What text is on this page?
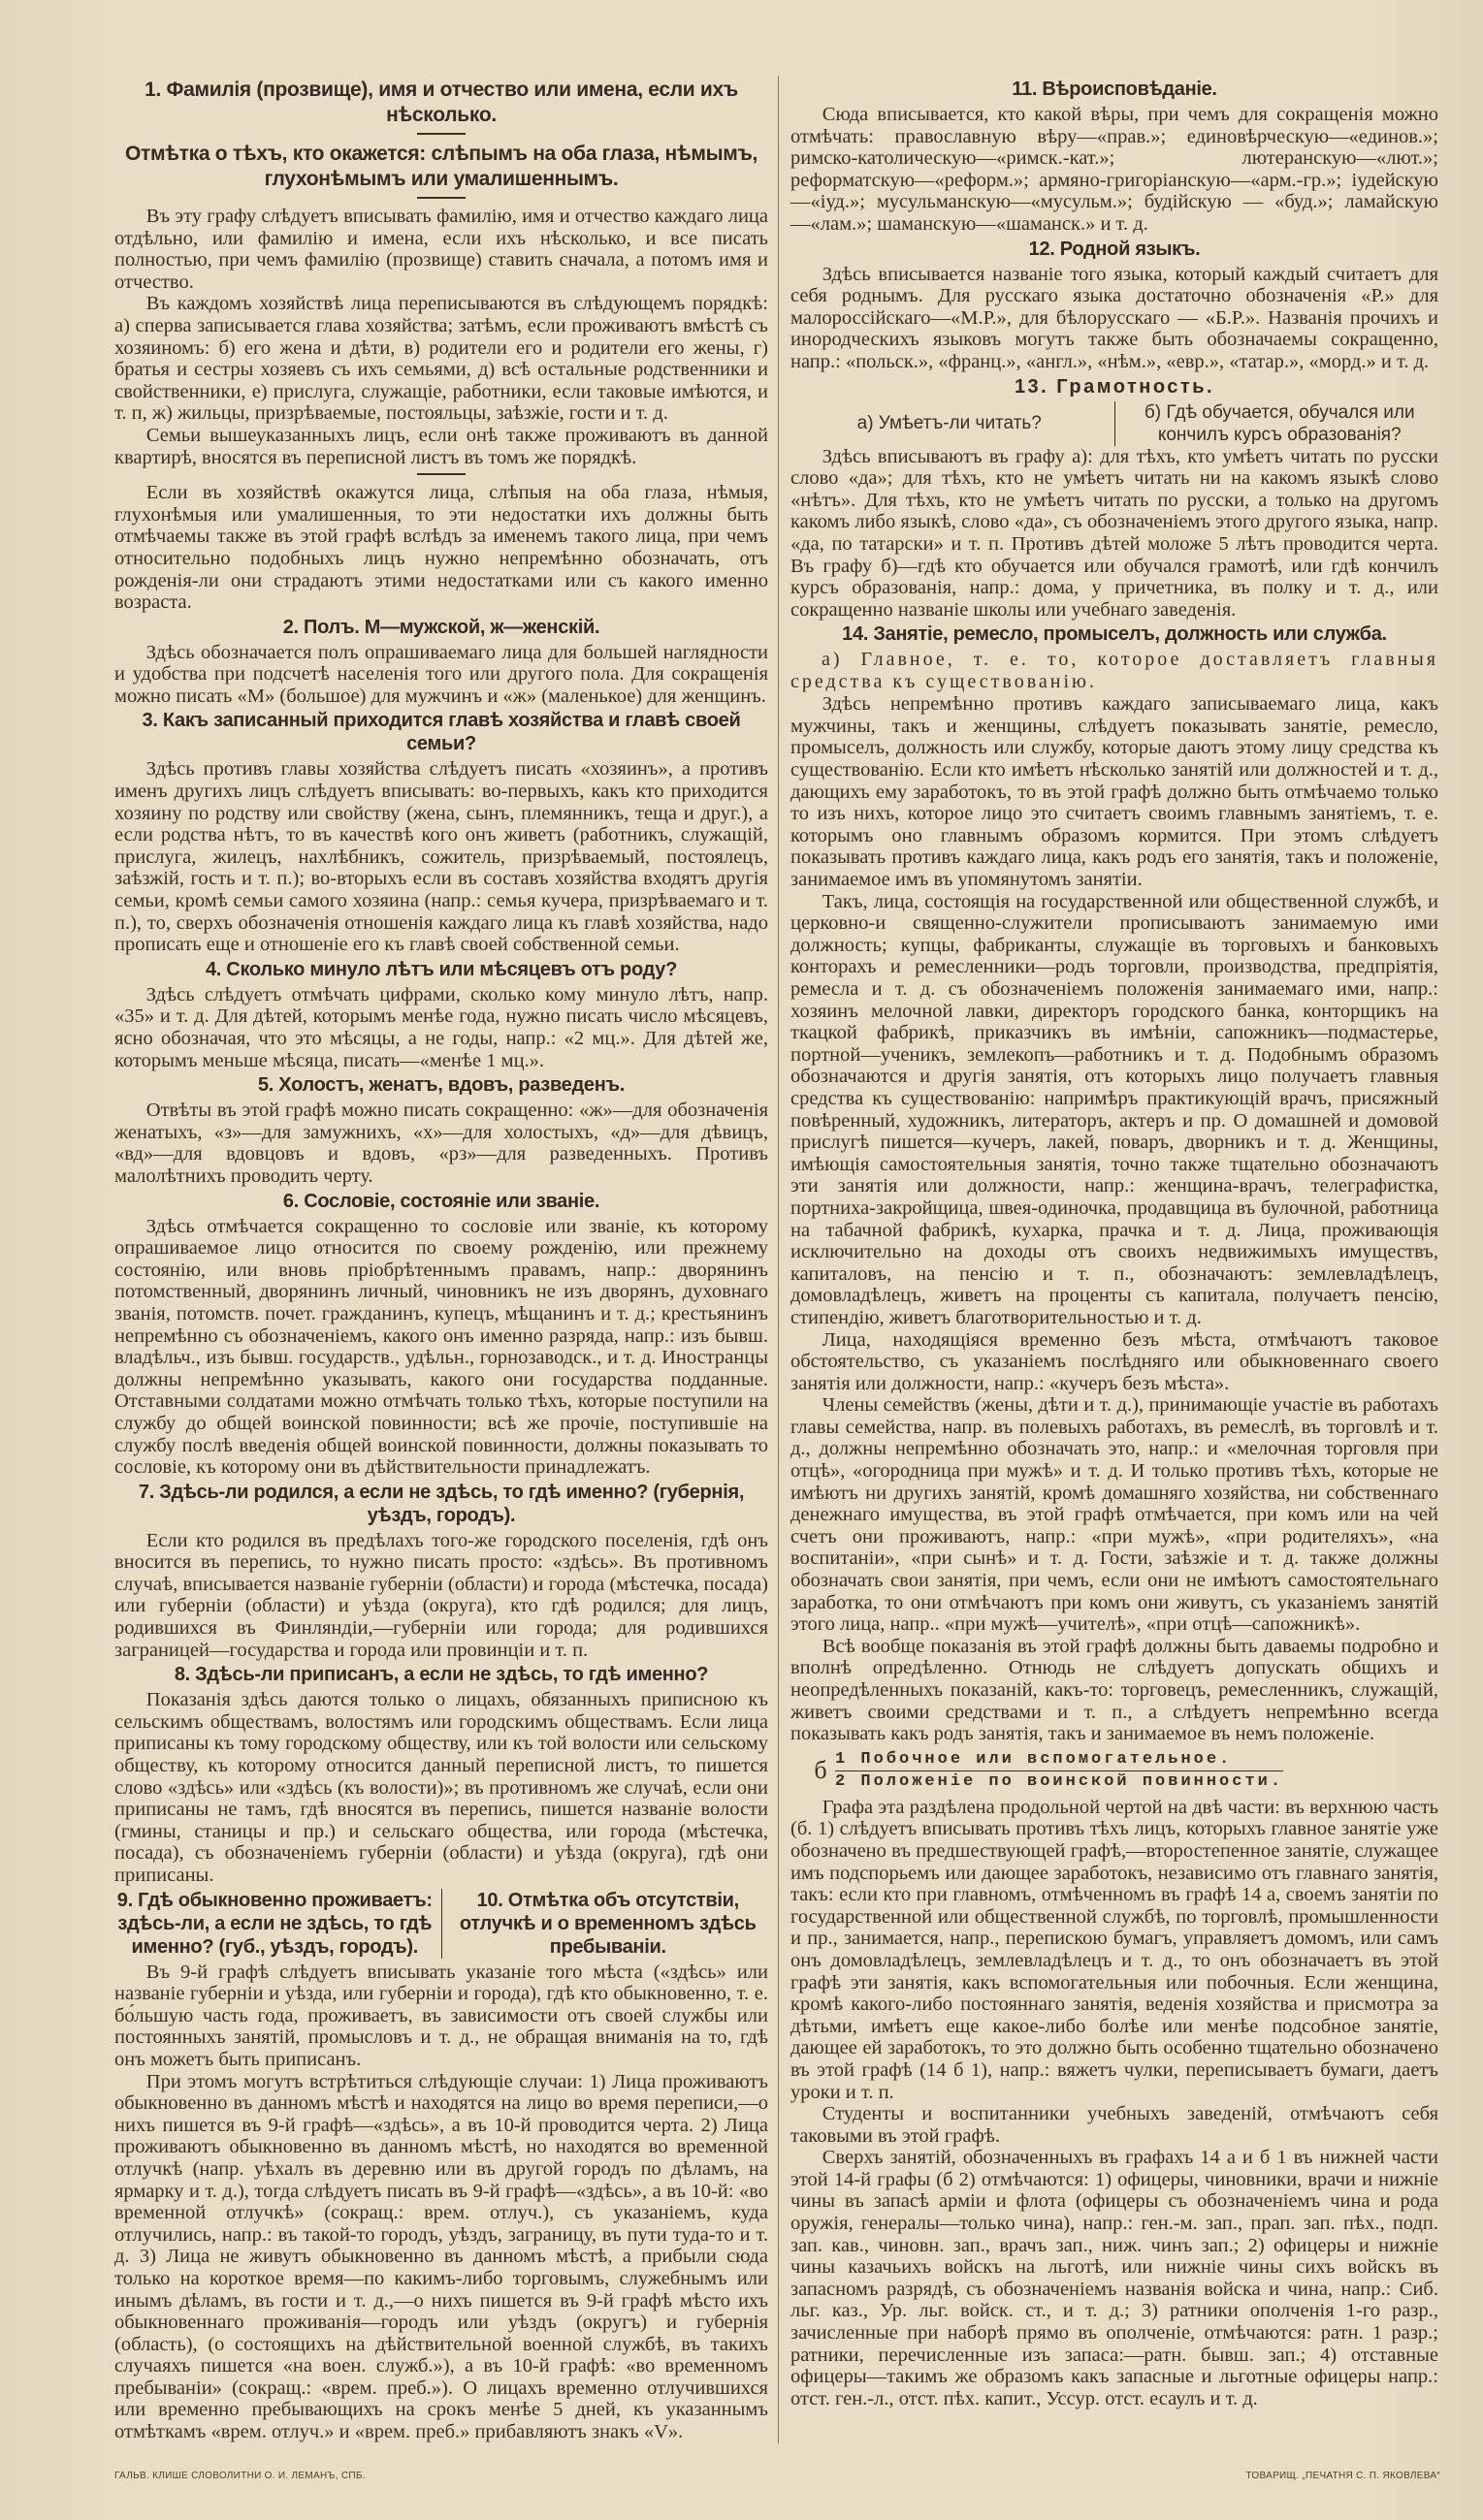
1. Фамилія (прозвище), имя и отчество или имена, если ихъ нѣсколько.
Отмѣтка о тѣхъ, кто окажется: слѣпымъ на оба глаза, нѣмымъ, глухонѣмымъ или умалишеннымъ.

Въ эту графу слѣдуетъ вписывать фамилію, имя и отчество каждаго лица отдѣльно, или фамилію и имена, если ихъ нѣсколько, и все писать полностью, при чемъ фамилію (прозвище) ставить сначала, а потомъ имя и отчество.

Въ каждомъ хозяйствѣ лица переписываются въ слѣдующемъ порядкѣ: а) сперва записывается глава хозяйства; затѣмъ, если проживаютъ вмѣстѣ съ хозяиномъ: б) его жена и дѣти, в) родители его и родители его жены, г) братья и сестры хозяевъ съ ихъ семьями, д) всѣ остальные родственники и свойственники, е) прислуга, служащіе, работники, если таковые имѣются, и т. п, ж) жильцы, призрѣваемые, постояльцы, заѣзжіе, гости и т. д.

Семьи вышеуказанныхъ лицъ, если онѣ также проживаютъ въ данной квартирѣ, вносятся въ переписной листъ въ томъ же порядкѣ.

Если въ хозяйствѣ окажутся лица, слѣпыя на оба глаза, нѣмыя, глухонѣмыя или умалишенныя, то эти недостатки ихъ должны быть отмѣчаемы также въ этой графѣ вслѣдъ за именемъ такого лица, при чемъ относительно подобныхъ лицъ нужно непремѣнно обозначать, отъ рожденія-ли они страдаютъ этими недостатками или съ какого именно возраста.

2. Полъ. М—мужской, ж—женскій.

Здѣсь обозначается полъ опрашиваемаго лица для большей наглядности и удобства при подсчетѣ населенія того или другого пола. Для сокращенія можно писать «М» (большое) для мужчинъ и «ж» (маленькое) для женщинъ.

3. Какъ записанный приходится главѣ хозяйства и главѣ своей семьи?

Здѣсь противъ главы хозяйства слѣдуетъ писать «хозяинъ», а противъ именъ другихъ лицъ слѣдуетъ вписывать: во-первыхъ, какъ кто приходится хозяину по родству или свойству (жена, сынъ, племянникъ, теща и друг.), а если родства нѣтъ, то въ качествѣ кого онъ живетъ (работникъ, служащій, прислуга, жилецъ, нахлѣбникъ, сожитель, призрѣваемый, постоялецъ, заѣзжій, гость и т. п.); во-вторыхъ если въ составъ хозяйства входятъ другія семьи, кромѣ семьи самого хозяина (напр.: семья кучера, призрѣваемаго и т. п.), то, сверхъ обозначенія отношенія каждаго лица къ главѣ хозяйства, надо прописать еще и отношеніе его къ главѣ своей собственной семьи.

4. Сколько минуло лѣтъ или мѣсяцевъ отъ роду?

Здѣсь слѣдуетъ отмѣчать цифрами, сколько кому минуло лѣтъ, напр. «35» и т. д. Для дѣтей, которымъ менѣе года, нужно писать число мѣсяцевъ, ясно обозначая, что это мѣсяцы, а не годы, напр.: «2 мц.». Для дѣтей же, которымъ меньше мѣсяца, писать—«менѣе 1 мц.».

5. Холостъ, женатъ, вдовъ, разведенъ.

Отвѣты въ этой графѣ можно писать сокращенно: «ж»—для обозначенія женатыхъ, «з»—для замужнихъ, «х»—для холостыхъ, «д»—для дѣвицъ, «вд»—для вдовцовъ и вдовъ, «рз»—для разведенныхъ. Противъ малолѣтнихъ проводить черту.

6. Сословіе, состояніе или званіе.

Здѣсь отмѣчается сокращенно то сословіе или званіе, къ которому опрашиваемое лицо относится по своему рожденію, или прежнему состоянію, или вновь пріобрѣтеннымъ правамъ, напр.: дворянинъ потомственный, дворянинъ личный, чиновникъ не изъ дворянъ, духовнаго званія, потомств. почет. гражданинъ, купецъ, мѣщанинъ и т. д.; крестьянинъ непремѣнно съ обозначеніемъ, какого онъ именно разряда, напр.: изъ бывш. владѣльч., изъ бывш. государств., удѣльн., горнозаводск., и т. д. Иностранцы должны непремѣнно указывать, какого они государства подданные. Отставными солдатами можно отмѣчать только тѣхъ, которые поступили на службу до общей воинской повинности; всѣ же прочіе, поступившіе на службу послѣ введенія общей воинской повинности, должны показывать то сословіе, къ которому они въ дѣйствительности принадлежатъ.

7. Здѣсь-ли родился, а если не здѣсь, то гдѣ именно? (губернія, уѣздъ, городъ).

Если кто родился въ предѣлахъ того-же городского поселенія, гдѣ онъ вносится въ перепись, то нужно писать просто: «здѣсь». Въ противномъ случаѣ, вписывается названіе губерніи (области) и города (мѣстечка, посада) или губерніи (области) и уѣзда (округа), кто гдѣ родился; для лицъ, родившихся въ Финляндіи,—губерніи или города; для родившихся заграницей—государства и города или провинціи и т. п.

8. Здѣсь-ли приписанъ, а если не здѣсь, то гдѣ именно?

Показанія здѣсь даются только о лицахъ, обязанныхъ приписною къ сельскимъ обществамъ, волостямъ или городскимъ обществамъ. Если лица приписаны къ тому городскому обществу, или къ той волости или сельскому обществу, къ которому относится данный переписной листъ, то пишется слово «здѣсь» или «здѣсь (къ волости)»; въ противномъ же случаѣ, если они приписаны не тамъ, гдѣ вносятся въ перепись, пишется названіе волости (гмины, станицы и пр.) и сельскаго общества, или города (мѣстечка, посада), съ обозначеніемъ губерніи (области) и уѣзда (округа), гдѣ они приписаны.

9. Гдѣ обыкновенно проживаетъ: здѣсь-ли, а если не здѣсь, то гдѣ именно? (губ., уѣздъ, городъ).
10. Отмѣтка объ отсутствіи, отлучкѣ и о временномъ здѣсь пребываніи.

Въ 9-й графѣ слѣдуетъ вписывать указаніе того мѣста («здѣсь» или названіе губерніи и уѣзда, или губерніи и города), гдѣ кто обыкновенно, т. е. бо́льшую часть года, проживаетъ, въ зависимости отъ своей службы или постоянныхъ занятій, промысловъ и т. д., не обращая вниманія на то, гдѣ онъ можетъ быть приписанъ.

При этомъ могутъ встрѣтиться слѣдующіе случаи: 1) Лица проживаютъ обыкновенно въ данномъ мѣстѣ и находятся на лицо во время переписи,—о нихъ пишется въ 9-й графѣ—«здѣсь», а въ 10-й проводится черта. 2) Лица проживаютъ обыкновенно въ данномъ мѣстѣ, но находятся во временной отлучкѣ (напр. уѣхалъ въ деревню или въ другой городъ по дѣламъ, на ярмарку и т. д.), тогда слѣдуетъ писать въ 9-й графѣ—«здѣсь», а въ 10-й: «во временной отлучкѣ» (сокращ.: врем. отлуч.), съ указаніемъ, куда отлучились, напр.: въ такой-то городъ, уѣздъ, заграницу, въ пути туда-то и т. д. 3) Лица не живутъ обыкновенно въ данномъ мѣстѣ, а прибыли сюда только на короткое время—по какимъ-либо торговымъ, служебнымъ или инымъ дѣламъ, въ гости и т. д.,—о нихъ пишется въ 9-й графѣ мѣсто ихъ обыкновеннаго проживанія—городъ или уѣздъ (округъ) и губернія (область), (о состоящихъ на дѣйствительной военной службѣ, въ такихъ случаяхъ пишется «на воен. служб.»), а въ 10-й графѣ: «во временномъ пребываніи» (сокращ.: «врем. преб.»). О лицахъ временно отлучившихся или временно пребывающихъ на срокъ менѣе 5 дней, къ указаннымъ отмѣткамъ «врем. отлуч.» и «врем. преб.» прибавляютъ знакъ «V».

11. Вѣроисповѣданіе.

Сюда вписывается, кто какой вѣры, при чемъ для сокращенія можно отмѣчать: православную вѣру—«прав.»; единовѣрческую—«единов.»; римско-католическую—«римск.-кат.»; лютеранскую—«лют.»; реформатскую—«реформ.»; армяно-григоріанскую—«арм.-гр.»; іудейскую—«іуд.»; мусульманскую—«мусульм.»; будійскую — «буд.»; ламайскую—«лам.»; шаманскую—«шаманск.» и т. д.

12. Родной языкъ.

Здѣсь вписывается названіе того языка, который каждый считаетъ для себя роднымъ. Для русскаго языка достаточно обозначенія «Р.» для малороссійскаго—«М.Р.», для бѣлорусскаго — «Б.Р.». Названія прочихъ и инородческихъ языковъ могутъ также быть обозначаемы сокращенно, напр.: «польск.», «франц.», «англ.», «нѣм.», «евр.», «татар.», «морд.» и т. д.

13. Грамотность.
а) Умѣетъ-ли читать?
б) Гдѣ обучается, обучался или кончилъ курсъ образованія?

Здѣсь вписываютъ въ графу а): для тѣхъ, кто умѣетъ читать по русски слово «да»; для тѣхъ, кто не умѣетъ читать ни на какомъ языкѣ слово «нѣтъ». Для тѣхъ, кто не умѣетъ читать по русски, а только на другомъ какомъ либо языкѣ, слово «да», съ обозначеніемъ этого другого языка, напр. «да, по татарски» и т. п. Противъ дѣтей моложе 5 лѣтъ проводится черта. Въ графу б)—гдѣ кто обучается или обучался грамотѣ, или гдѣ кончилъ курсъ образованія, напр.: дома, у причетника, въ полку и т. д., или сокращенно названіе школы или учебнаго заведенія.

14. Занятіе, ремесло, промыселъ, должность или служба.

а) Главное, т. е. то, которое доставляетъ главныя средства къ существованію.

Здѣсь непремѣнно противъ каждаго записываемаго лица, какъ мужчины, такъ и женщины, слѣдуетъ показывать занятіе, ремесло, промыселъ, должность или службу, которые даютъ этому лицу средства къ существованію. Если кто имѣетъ нѣсколько занятій или должностей и т. д., дающихъ ему заработокъ, то въ этой графѣ должно быть отмѣчаемо только то изъ нихъ, которое лицо это считаетъ своимъ главнымъ занятіемъ, т. е. которымъ оно главнымъ образомъ кормится. При этомъ слѣдуетъ показывать противъ каждаго лица, какъ родъ его занятія, такъ и положеніе, занимаемое имъ въ упомянутомъ занятіи.

Такъ, лица, состоящія на государственной или общественной службѣ, и церковно-и священно-служители прописываютъ занимаемую ими должность; купцы, фабриканты, служащіе въ торговыхъ и банковыхъ конторахъ и ремесленники—родъ торговли, производства, предпріятія, ремесла и т. д. съ обозначеніемъ положенія занимаемаго ими, напр.: хозяинъ мелочной лавки, директоръ городского банка, конторщикъ на ткацкой фабрикѣ, приказчикъ въ имѣніи, сапожникъ—подмастерье, портной—ученикъ, землекопъ—работникъ и т. д. Подобнымъ образомъ обозначаются и другія занятія, отъ которыхъ лицо получаетъ главныя средства къ существованію: напримѣръ практикующій врачъ, присяжный повѣренный, художникъ, литераторъ, актеръ и пр. О домашней и домовой прислугѣ пишется—кучеръ, лакей, поваръ, дворникъ и т. д. Женщины, имѣющія самостоятельныя занятія, точно также тщательно обозначаютъ эти занятія или должности, напр.: женщина-врачъ, телеграфистка, портниха-закройщица, швея-одиночка, продавщица въ булочной, работница на табачной фабрикѣ, кухарка, прачка и т. д. Лица, проживающія исключительно на доходы отъ своихъ недвижимыхъ имуществъ, капиталовъ, на пенсію и т. п., обозначаютъ: землевладѣлецъ, домовладѣлецъ, живетъ на проценты съ капитала, получаетъ пенсію, стипендію, живетъ благотворительностью и т. д.

Лица, находящіяся временно безъ мѣста, отмѣчаютъ таковое обстоятельство, съ указаніемъ послѣдняго или обыкновеннаго своего занятія или должности, напр.: «кучеръ безъ мѣста».

Члены семействъ (жены, дѣти и т. д.), принимающіе участіе въ работахъ главы семейства, напр. въ полевыхъ работахъ, въ ремеслѣ, въ торговлѣ и т. д., должны непремѣнно обозначать это, напр.: и «мелочная торговля при отцѣ», «огородница при мужѣ» и т. д. И только противъ тѣхъ, которые не имѣютъ ни другихъ занятій, кромѣ домашняго хозяйства, ни собственнаго денежнаго имущества, въ этой графѣ отмѣчается, при комъ или на чей счетъ они проживаютъ, напр.: «при мужѣ», «при родителяхъ», «на воспитаніи», «при сынѣ» и т. д. Гости, заѣзжіе и т. д. также должны обозначать свои занятія, при чемъ, если они не имѣютъ самостоятельнаго заработка, то они отмѣчаютъ при комъ они живутъ, съ указаніемъ занятій этого лица, напр.. «при мужѣ—учителѣ», «при отцѣ—сапожникѣ».

Всѣ вообще показанія въ этой графѣ должны быть даваемы подробно и вполнѣ опредѣленно. Отнюдь не слѣдуетъ допускать общихъ и неопредѣленныхъ показаній, какъ-то: торговецъ, ремесленникъ, служащій, живетъ своими средствами и т. п., а слѣдуетъ непремѣнно всегда показывать какъ родъ занятія, такъ и занимаемое въ немъ положеніе.

б 1 Побочное или вспомогательное.
2 Положеніе по воинской повинности.

Графа эта раздѣлена продольной чертой на двѣ части: въ верхнюю часть (б. 1) слѣдуетъ вписывать противъ тѣхъ лицъ, которыхъ главное занятіе уже обозначено въ предшествующей графѣ,—второстепенное занятіе, служащее имъ подспорьемъ или дающее заработокъ, независимо отъ главнаго занятія, такъ: если кто при главномъ, отмѣченномъ въ графѣ 14 а, своемъ занятіи по государственной или общественной службѣ, по торговлѣ, промышленности и пр., занимается, напр., перепискою бумагъ, управляетъ домомъ, или самъ онъ домовладѣлецъ, землевладѣлецъ и т. д., то онъ обозначаетъ въ этой графѣ эти занятія, какъ вспомогательныя или побочныя. Если женщина, кромѣ какого-либо постояннаго занятія, веденія хозяйства и присмотра за дѣтьми, имѣетъ еще какое-либо болѣе или менѣе подсобное занятіе, дающее ей заработокъ, то это должно быть особенно тщательно обозначено въ этой графѣ (14 б 1), напр.: вяжетъ чулки, переписываетъ бумаги, даетъ уроки и т. п.

Студенты и воспитанники учебныхъ заведеній, отмѣчаютъ себя таковыми въ этой графѣ.

Сверхъ занятій, обозначенныхъ въ графахъ 14 а и б 1 въ нижней части этой 14-й графы (б 2) отмѣчаются: 1) офицеры, чиновники, врачи и нижніе чины въ запасѣ арміи и флота (офицеры съ обозначеніемъ чина и рода оружія, генералы—только чина), напр.: ген.-м. зап., прап. зап. пѣх., подп. зап. кав., чиновн. зап., врачъ зап., ниж. чинъ зап.; 2) офицеры и нижніе чины казачьихъ войскъ на льготѣ, или нижніе чины сихъ войскъ въ запасномъ разрядѣ, съ обозначеніемъ названія войска и чина, напр.: Сиб. льг. каз., Ур. льг. войск. ст., и т. д.; 3) ратники ополченія 1-го разр., зачисленные при наборѣ прямо въ ополченіе, отмѣчаются: ратн. 1 разр.; ратники, перечисленные изъ запаса:—ратн. бывш. зап.; 4) отставные офицеры—такимъ же образомъ какъ запасные и льготные офицеры напр.: отст. ген.-л., отст. пѣх. капит., Уссур. отст. есаулъ и т. д.

ГАЛЬВ. КЛИШЕ СЛОВОЛИТНИ О. И. ЛЕМАНЪ, СПБ.	ТОВАРИЩ. „ПЕЧАТНЯ С. П. ЯКОВЛЕВА“
